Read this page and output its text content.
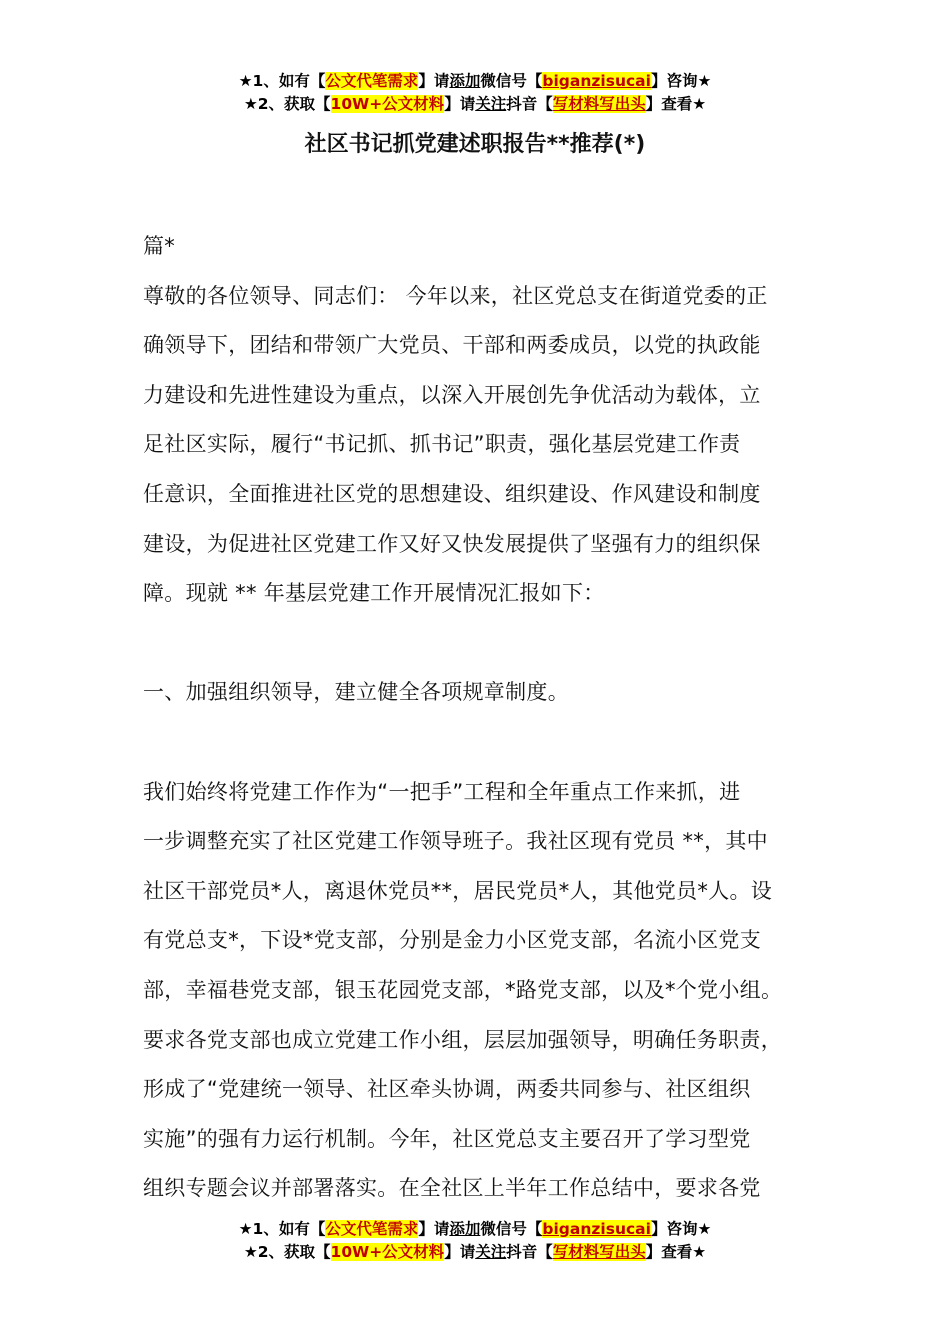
★1、如有【公文代笔需求】请添加微信号【biganzisucai】咨询★
★2、获取【10W+公文材料】请关注抖音【写材料写出头】查看★
社区书记抓党建述职报告**推荐(*)

篇*

尊敬的各位领导、同志们： 今年以来，社区党总支在街道党委的正

确领导下，团结和带领广大党员、干部和两委成员，以党的执政能

力建设和先进性建设为重点，以深入开展创先争优活动为载体，立

足社区实际，履行“书记抓、抓书记”职责，强化基层党建工作责

任意识，全面推进社区党的思想建设、组织建设、作风建设和制度

建设，为促进社区党建工作又好又快发展提供了坚强有力的组织保

障。现就 ** 年基层党建工作开展情况汇报如下：

一、加强组织领导，建立健全各项规章制度。

我们始终将党建工作作为“一把手”工程和全年重点工作来抓，进

一步调整充实了社区党建工作领导班子。我社区现有党员 **，其中

社区干部党员*人，离退休党员**，居民党员*人，其他党员*人。设

有党总支*，下设*党支部，分别是金力小区党支部，名流小区党支

部，幸福巷党支部，银玉花园党支部，*路党支部，以及*个党小组。

要求各党支部也成立党建工作小组，层层加强领导，明确任务职责，

形成了“党建统一领导、社区牵头协调，两委共同参与、社区组织

实施”的强有力运行机制。今年，社区党总支主要召开了学习型党

组织专题会议并部署落实。在全社区上半年工作总结中，要求各党

★1、如有【公文代笔需求】请添加微信号【biganzisucai】咨询★
★2、获取【10W+公文材料】请关注抖音【写材料写出头】查看★
